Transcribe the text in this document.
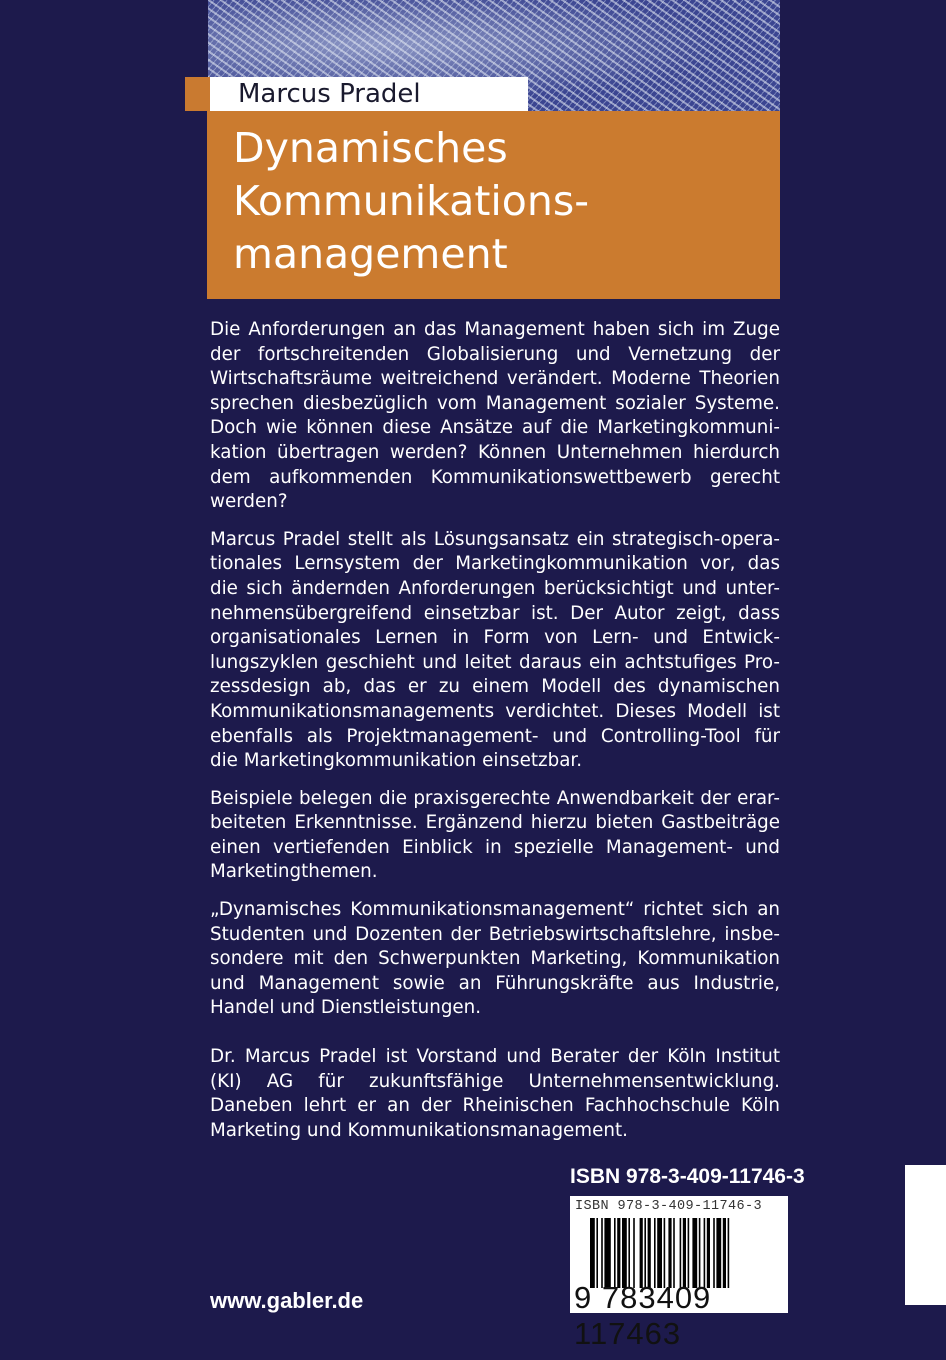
Marcus Pradel
Dynamisches
Kommunikations-
management
Die Anforderungen an das Management haben sich im Zuge
der fortschreitenden Globalisierung und Vernetzung der
Wirtschaftsräume weitreichend verändert. Moderne Theorien
sprechen diesbezüglich vom Management sozialer Systeme.
Doch wie können diese Ansätze auf die Marketingkommuni-
kation übertragen werden? Können Unternehmen hierdurch
dem aufkommenden Kommunikationswettbewerb gerecht
werden?
Marcus Pradel stellt als Lösungsansatz ein strategisch-opera-
tionales Lernsystem der Marketingkommunikation vor, das
die sich ändernden Anforderungen berücksichtigt und unter-
nehmensübergreifend einsetzbar ist. Der Autor zeigt, dass
organisationales Lernen in Form von Lern- und Entwick-
lungszyklen geschieht und leitet daraus ein achtstufiges Pro-
zessdesign ab, das er zu einem Modell des dynamischen
Kommunikationsmanagements verdichtet. Dieses Modell ist
ebenfalls als Projektmanagement- und Controlling-Tool für
die Marketingkommunikation einsetzbar.
Beispiele belegen die praxisgerechte Anwendbarkeit der erar-
beiteten Erkenntnisse. Ergänzend hierzu bieten Gastbeiträge
einen vertiefenden Einblick in spezielle Management- und
Marketingthemen.
„Dynamisches Kommunikationsmanagement“ richtet sich an
Studenten und Dozenten der Betriebswirtschaftslehre, insbe-
sondere mit den Schwerpunkten Marketing, Kommunikation
und Management sowie an Führungskräfte aus Industrie,
Handel und Dienstleistungen.
Dr. Marcus Pradel ist Vorstand und Berater der Köln Institut
(KI) AG für zukunftsfähige Unternehmensentwicklung.
Daneben lehrt er an der Rheinischen Fachhochschule Köln
Marketing und Kommunikationsmanagement.
ISBN 978-3-409-11746-3
ISBN 978-3-409-11746-3
9 783409 117463
www.gabler.de
